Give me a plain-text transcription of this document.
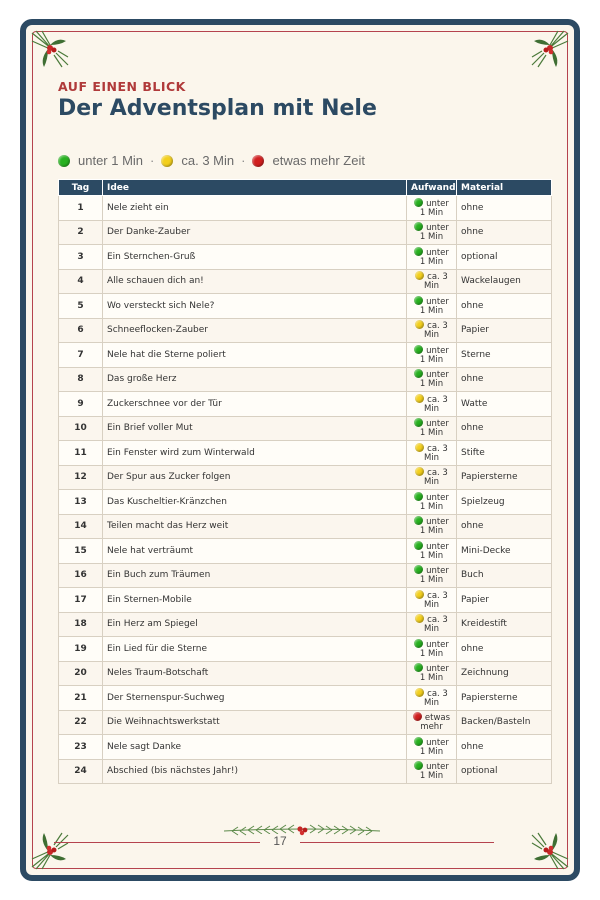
AUF EINEN BLICK
Der Adventsplan mit Nele
unter 1 Min · ca. 3 Min · etwas mehr Zeit
Tag	Idee	Aufwand	Material
1	Nele zieht ein	unter 1 Min	ohne
2	Der Danke-Zauber	unter 1 Min	ohne
3	Ein Sternchen-Gruß	unter 1 Min	optional
4	Alle schauen dich an!	ca. 3 Min	Wackelaugen
5	Wo versteckt sich Nele?	unter 1 Min	ohne
6	Schneeflocken-Zauber	ca. 3 Min	Papier
7	Nele hat die Sterne poliert	unter 1 Min	Sterne
8	Das große Herz	unter 1 Min	ohne
9	Zuckerschnee vor der Tür	ca. 3 Min	Watte
10	Ein Brief voller Mut	unter 1 Min	ohne
11	Ein Fenster wird zum Winterwald	ca. 3 Min	Stifte
12	Der Spur aus Zucker folgen	ca. 3 Min	Papiersterne
13	Das Kuscheltier-Kränzchen	unter 1 Min	Spielzeug
14	Teilen macht das Herz weit	unter 1 Min	ohne
15	Nele hat verträumt	unter 1 Min	Mini-Decke
16	Ein Buch zum Träumen	unter 1 Min	Buch
17	Ein Sternen-Mobile	ca. 3 Min	Papier
18	Ein Herz am Spiegel	ca. 3 Min	Kreidestift
19	Ein Lied für die Sterne	unter 1 Min	ohne
20	Neles Traum-Botschaft	unter 1 Min	Zeichnung
21	Der Sternenspur-Suchweg	ca. 3 Min	Papiersterne
22	Die Weihnachtswerkstatt	etwas mehr	Backen/Basteln
23	Nele sagt Danke	unter 1 Min	ohne
24	Abschied (bis nächstes Jahr!)	unter 1 Min	optional
17
